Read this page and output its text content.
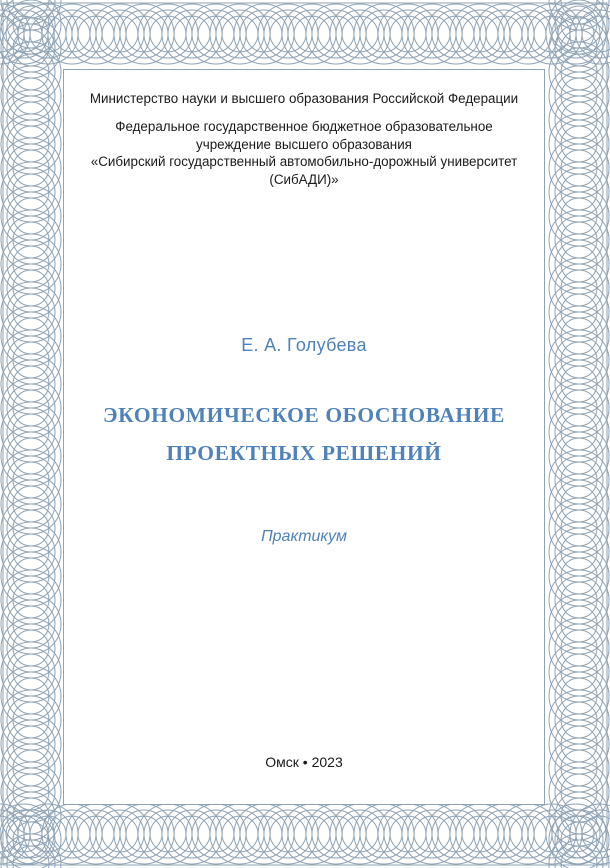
Министерство науки и высшего образования Российской Федерации
Федеральное государственное бюджетное образовательное
учреждение высшего образования
«Сибирский государственный автомобильно-дорожный университет
(СибАДИ)»
Е. А. Голубева
ЭКОНОМИЧЕСКОЕ ОБОСНОВАНИЕ
ПРОЕКТНЫХ РЕШЕНИЙ
Практикум
Омск • 2023
